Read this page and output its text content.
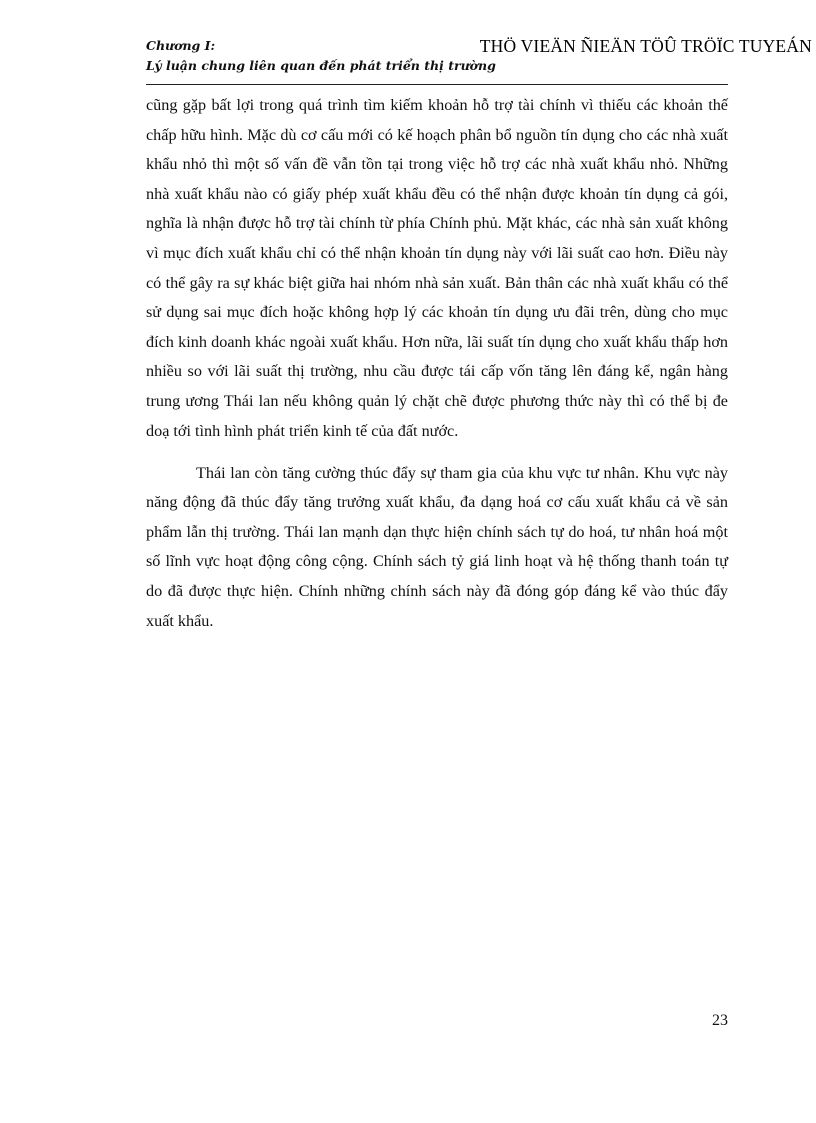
Chương I:
Lý luận chung liên quan đến phát triển thị trường
THÖ VIEÄN ÑIEÄN TÖÛ TRÖÏC TUYEÁN

cũng gặp bất lợi trong quá trình tìm kiếm khoản hỗ trợ tài chính vì thiếu các khoản thế chấp hữu hình. Mặc dù cơ cấu mới có kế hoạch phân bổ nguồn tín dụng cho các nhà xuất khẩu nhỏ thì một số vấn đề vẫn tồn tại trong việc hỗ trợ các nhà xuất khẩu nhỏ. Những nhà xuất khẩu nào có giấy phép xuất khẩu đều có thể nhận được khoản tín dụng cả gói, nghĩa là nhận được hỗ trợ tài chính từ phía Chính phủ. Mặt khác, các nhà sản xuất không vì mục đích xuất khẩu chỉ có thể nhận khoản tín dụng này với lãi suất cao hơn. Điều này có thể gây ra sự khác biệt giữa hai nhóm nhà sản xuất. Bản thân các nhà xuất khẩu có thể sử dụng sai mục đích hoặc không hợp lý các khoản tín dụng ưu đãi trên, dùng cho mục đích kinh doanh khác ngoài xuất khẩu. Hơn nữa, lãi suất tín dụng cho xuất khẩu thấp hơn nhiều so với lãi suất thị trường, nhu cầu được tái cấp vốn tăng lên đáng kể, ngân hàng trung ương Thái lan nếu không quản lý chặt chẽ được phương thức này thì có thể bị đe doạ tới tình hình phát triển kinh tế của đất nước.

Thái lan còn tăng cường thúc đẩy sự tham gia của khu vực tư nhân. Khu vực này năng động đã thúc đẩy tăng trưởng xuất khẩu, đa dạng hoá cơ cấu xuất khẩu cả về sản phẩm lẫn thị trường. Thái lan mạnh dạn thực hiện chính sách tự do hoá, tư nhân hoá một số lĩnh vực hoạt động công cộng. Chính sách tỷ giá linh hoạt và hệ thống thanh toán tự do đã được thực hiện. Chính những chính sách này đã đóng góp đáng kể vào thúc đẩy xuất khẩu.

23
